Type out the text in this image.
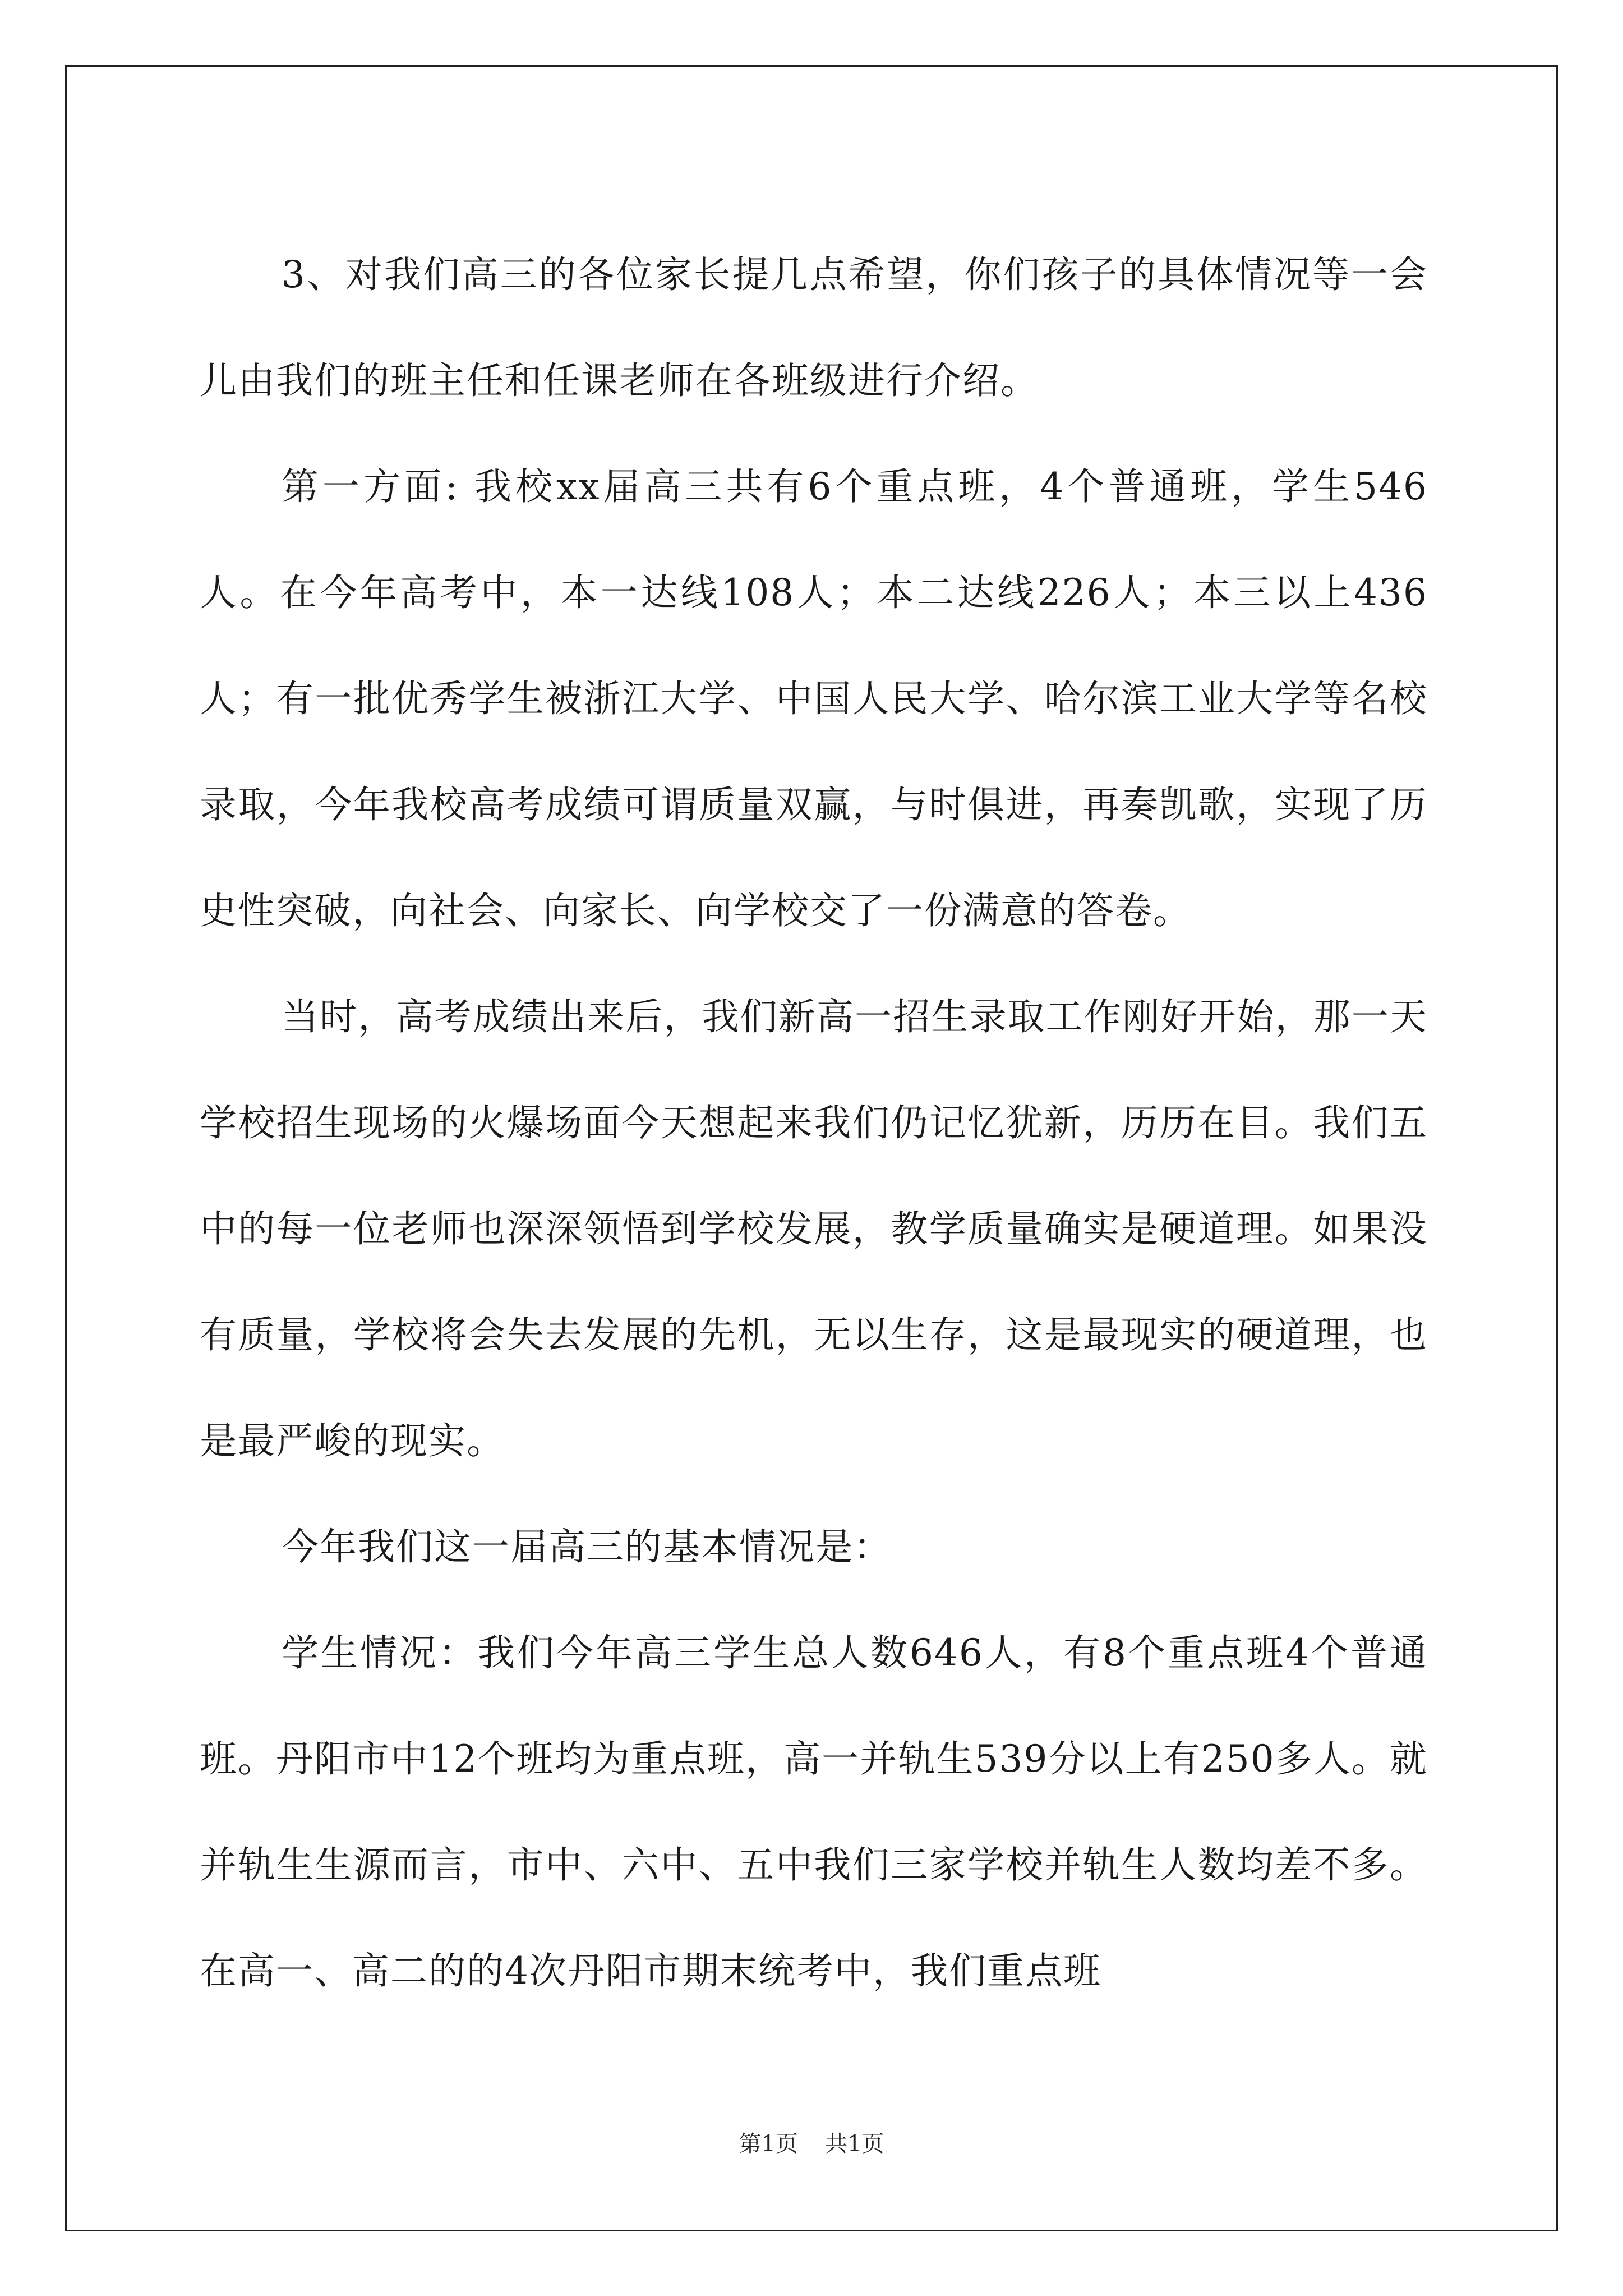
3、对我们高三的各位家长提几点希望，你们孩子的具体情况等一会儿由我们的班主任和任课老师在各班级进行介绍。

第一方面: 我校xx届高三共有6个重点班，4个普通班，学生546人。在今年高考中，本一达线108人；本二达线226人；本三以上436人；有一批优秀学生被浙江大学、中国人民大学、哈尔滨工业大学等名校录取，今年我校高考成绩可谓质量双赢，与时俱进，再奏凯歌，实现了历史性突破，向社会、向家长、向学校交了一份满意的答卷。

当时，高考成绩出来后，我们新高一招生录取工作刚好开始，那一天学校招生现场的火爆场面今天想起来我们仍记忆犹新，历历在目。我们五中的每一位老师也深深领悟到学校发展，教学质量确实是硬道理。如果没有质量，学校将会失去发展的先机，无以生存，这是最现实的硬道理，也是最严峻的现实。

今年我们这一届高三的基本情况是：

学生情况：我们今年高三学生总人数646人，有8个重点班4个普通班。丹阳市中12个班均为重点班，高一并轨生539分以上有250多人。就并轨生生源而言，市中、六中、五中我们三家学校并轨生人数均差不多。在高一、高二的的4次丹阳市期末统考中，我们重点班

第1页 共1页
